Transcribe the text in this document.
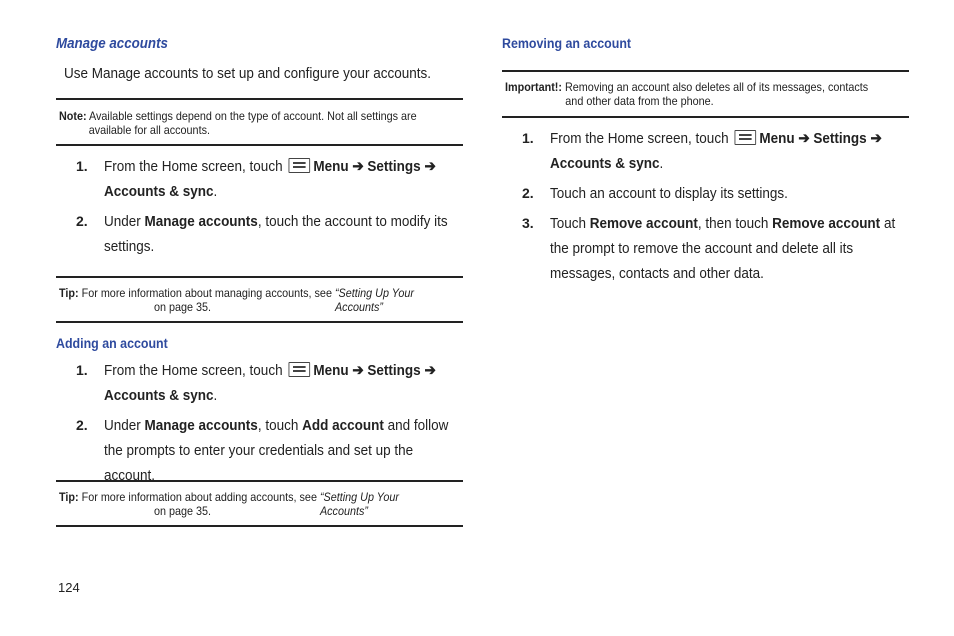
Manage accounts
Use Manage accounts to set up and configure your accounts.
Note: Available settings depend on the type of account. Not all settings are
available for all accounts.
1. From the Home screen, touch Menu ➔ Settings ➔
Accounts & sync.
2. Under Manage accounts, touch the account to modify its settings.
Tip: For more information about managing accounts, see “Setting Up Your Accounts”

on page 35.
Adding an account
1. From the Home screen, touch Menu ➔ Settings ➔
Accounts & sync.
2. Under Manage accounts, touch Add account and follow the prompts to enter your credentials and set up the account.
Tip: For more information about adding accounts, see “Setting Up Your Accounts”
on page 35.
Removing an account
Important!: Removing an account also deletes all of its messages, contacts
and other data from the phone.
1. From the Home screen, touch Menu ➔ Settings ➔
Accounts & sync.
2. Touch an account to display its settings.
3. Touch Remove account, then touch Remove account at the prompt to remove the account and delete all its messages, contacts and other data.
124
